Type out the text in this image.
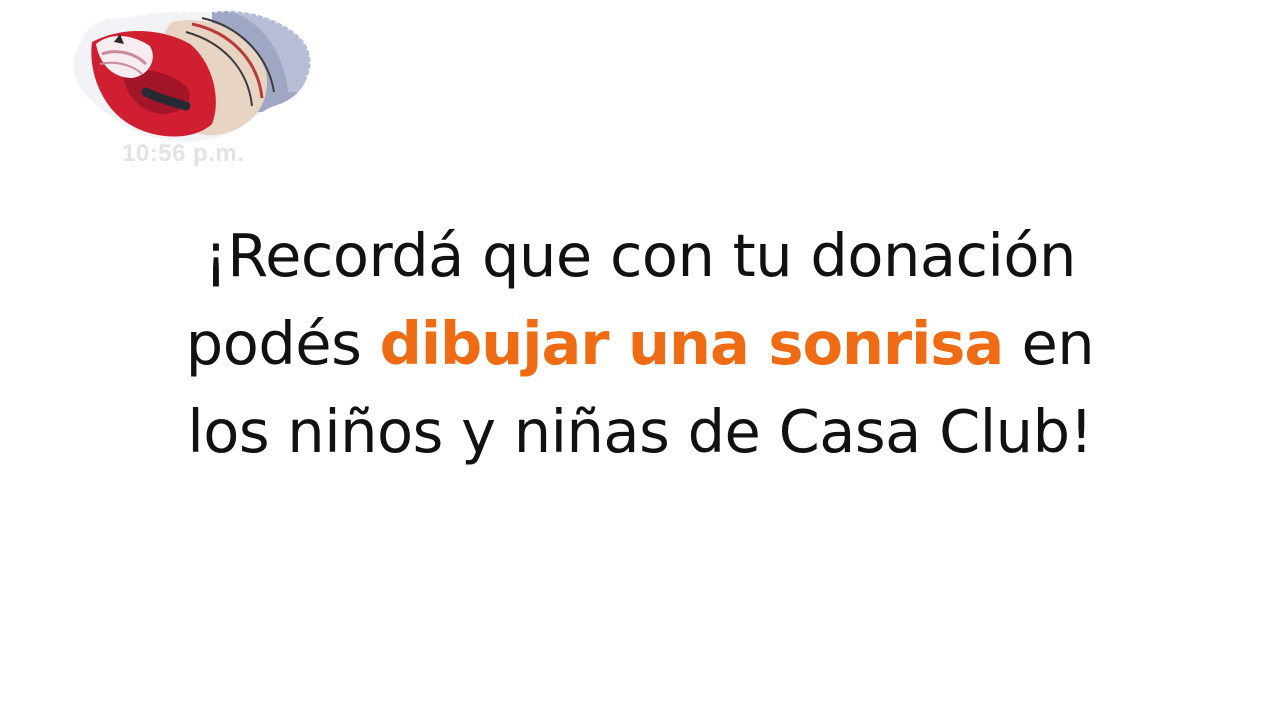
10:56 p.m.

¡Recordá que con tu donación
podés dibujar una sonrisa en
los niños y niñas de Casa Club!
